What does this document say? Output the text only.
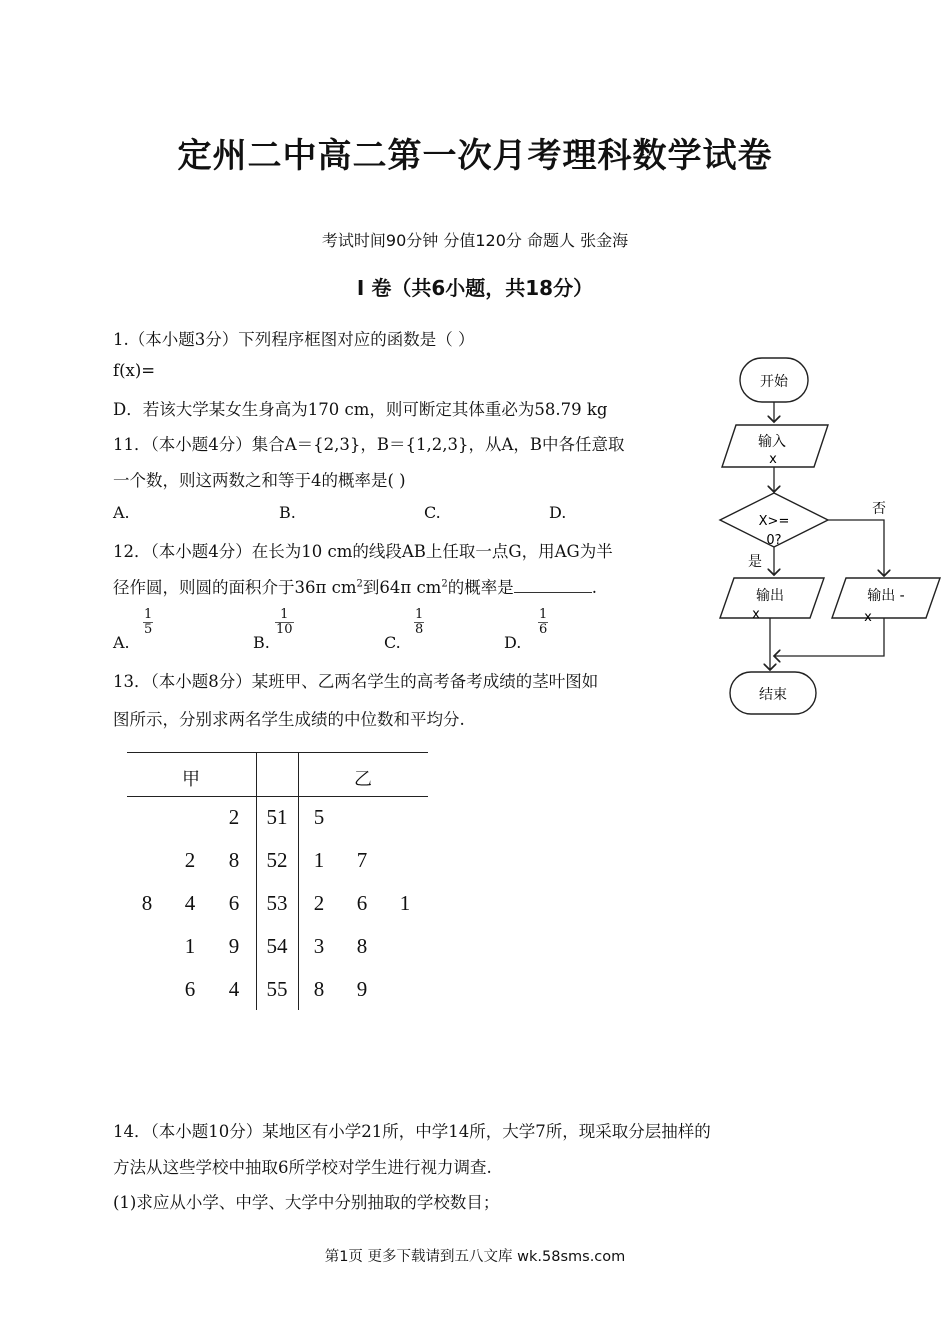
定州二中高二第一次月考理科数学试卷
考试时间90分钟 分值120分 命题人 张金海
Ⅰ 卷（共6小题，共18分）
1.（本小题3分）下列程序框图对应的函数是（ ）
f(x)=
D．若该大学某女生身高为170 cm，则可断定其体重必为58.79 kg
11．（本小题4分）集合A＝{2,3}，B＝{1,2,3}，从A，B中各任意取
一个数，则这两数之和等于4的概率是( )
A.	B.	C.	D.
12．（本小题4分）在长为10 cm的线段AB上任取一点G，用AG为半
径作圆，则圆的面积介于36π $cm^2$到64π $cm^2$的概率是	.
A.
$\frac{1}{5}$
B.
$\frac{1}{10}$
C.
$\frac{1}{8}$
D.
$\frac{1}{6}$
13．（本小题8分）某班甲、乙两名学生的高考备考成绩的茎叶图如
图所示，分别求两名学生成绩的中位数和平均分.
甲	乙
2	51	5
2	8	52	1	7
8	4	6	53	2	6	1
1	9	54	3	8
6	4	55	8	9
14．（本小题10分）某地区有小学21所，中学14所，大学7所，现采取分层抽样的
方法从这些学校中抽取6所学校对学生进行视力调查.
(1)求应从小学、中学、大学中分别抽取的学校数目；
开始
输入
x
X>=
0?
是
否
输出
x
输出 -
x
结束
第1页 更多下载请到五八文库 wk.58sms.com
